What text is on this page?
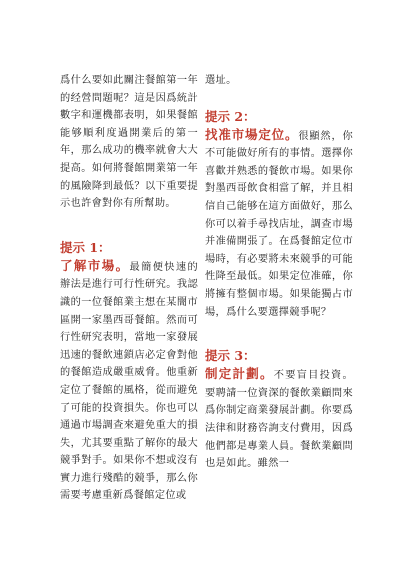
爲什么要如此關注餐館第一年的经營問題呢？這是因爲統計數字和運機都表明，如果餐館能够順利度過開業后的第一年，那么成功的機率就會大大提高。如何將餐館開業第一年的風險降到最低？以下重要提示也許會對你有所幫助。

提示 1：

了解市場。最簡便快速的辦法是進行可行性研究。我認識的一位餐館業主想在某闇市區開一家墨西哥餐館。然而可行性研究表明，當地一家發展迅速的餐飲連鎖店必定會對他的餐館造成嚴重威脅。他重新定位了餐館的風格，從而避免了可能的投資損失。你也可以通過市場調查來避免重大的損失，尤其要重點了解你的最大競爭對手。如果你不想或沒有實力進行殘酷的競爭，那么你需要考慮重新爲餐館定位或

選址。

提示 2：

找准市場定位。很顯然，你不可能做好所有的事情。選擇你喜歡并熟悉的餐飲市場。如果你對墨西哥飲食相當了解，并且相信自己能够在這方面做好，那么你可以着手尋找店址，調查市場并准備開張了。在爲餐館定位市場時，有必要將未來競爭的可能性降至最低。如果定位准確，你將擁有整個市場。如果能獨占市場，爲什么要選擇競爭呢？

提示 3：

制定計劃。不要盲目投資。要聘請一位資深的餐飲業顧問來爲你制定商業發展計劃。你要爲法律和財務咨詢支付費用，因爲他們都是專業人員。餐飲業顧問也是如此。雖然一
